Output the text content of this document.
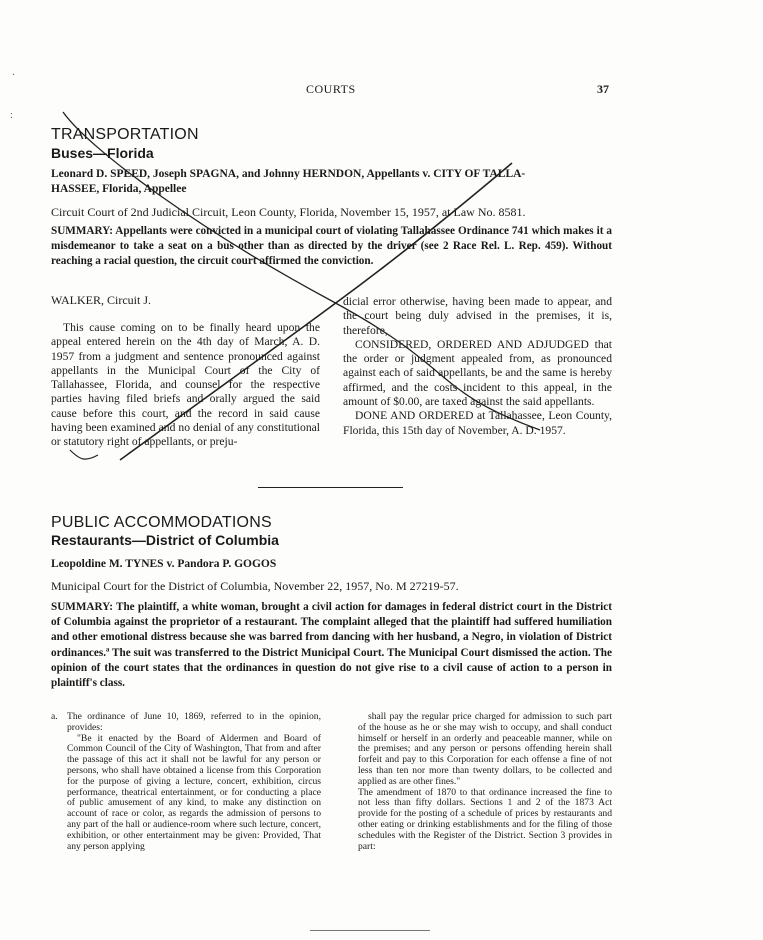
COURTS	37
·
:
TRANSPORTATION
Buses—Florida
Leonard D. SPEED, Joseph SPAGNA, and Johnny HERNDON, Appellants v. CITY OF TALLA-
HASSEE, Florida, Appellee
Circuit Court of 2nd Judicial Circuit, Leon County, Florida, November 15, 1957, at Law No. 8581.
SUMMARY: Appellants were convicted in a municipal court of violating Tallahassee Ordinance 741 which makes it a misdemeanor to take a seat on a bus other than as directed by the driver (see 2 Race Rel. L. Rep. 459). Without reaching a racial question, the circuit court affirmed the conviction.
WALKER, Circuit J.

This cause coming on to be finally heard upon the appeal entered herein on the 4th day of March, A. D. 1957 from a judgment and sentence pronounced against appellants in the Municipal Court of the City of Tallahassee, Florida, and counsel for the respective parties having filed briefs and orally argued the said cause before this court, and the record in said cause having been examined and no denial of any constitutional or statutory right of appellants, or preju-

dicial error otherwise, having been made to appear, and the court being duly advised in the premises, it is, therefore,

CONSIDERED, ORDERED AND ADJUDGED that the order or judgment appealed from, as pronounced against each of said appellants, be and the same is hereby affirmed, and the costs incident to this appeal, in the amount of $0.00, are taxed against the said appellants.

DONE AND ORDERED at Tallahassee, Leon County, Florida, this 15th day of November, A. D. 1957.

PUBLIC ACCOMMODATIONS
Restaurants—District of Columbia
Leopoldine M. TYNES v. Pandora P. GOGOS
Municipal Court for the District of Columbia, November 22, 1957, No. M 27219-57.
SUMMARY: The plaintiff, a white woman, brought a civil action for damages in federal district court in the District of Columbia against the proprietor of a restaurant. The complaint alleged that the plaintiff had suffered humiliation and other emotional distress because she was barred from dancing with her husband, a Negro, in violation of District ordinances.ª The suit was transferred to the District Municipal Court. The Municipal Court dismissed the action. The opinion of the court states that the ordinances in question do not give rise to a civil cause of action to a person in plaintiff's class.
a. The ordinance of June 10, 1869, referred to in the opinion, provides:

"Be it enacted by the Board of Aldermen and Board of Common Council of the City of Washington, That from and after the passage of this act it shall not be lawful for any person or persons, who shall have obtained a license from this Corporation for the purpose of giving a lecture, concert, exhibition, circus performance, theatrical entertainment, or for conducting a place of public amusement of any kind, to make any distinction on account of race or color, as regards the admission of persons to any part of the hall or audience-room where such lecture, concert, exhibition, or other entertainment may be given: Provided, That any person applying

shall pay the regular price charged for admission to such part of the house as he or she may wish to occupy, and shall conduct himself or herself in an orderly and peaceable manner, while on the premises; and any person or persons offending herein shall forfeit and pay to this Corporation for each offense a fine of not less than ten nor more than twenty dollars, to be collected and applied as are other fines."

The amendment of 1870 to that ordinance increased the fine to not less than fifty dollars. Sections 1 and 2 of the 1873 Act provide for the posting of a schedule of prices by restaurants and other eating or drinking establishments and for the filing of those schedules with the Register of the District. Section 3 provides in part:
